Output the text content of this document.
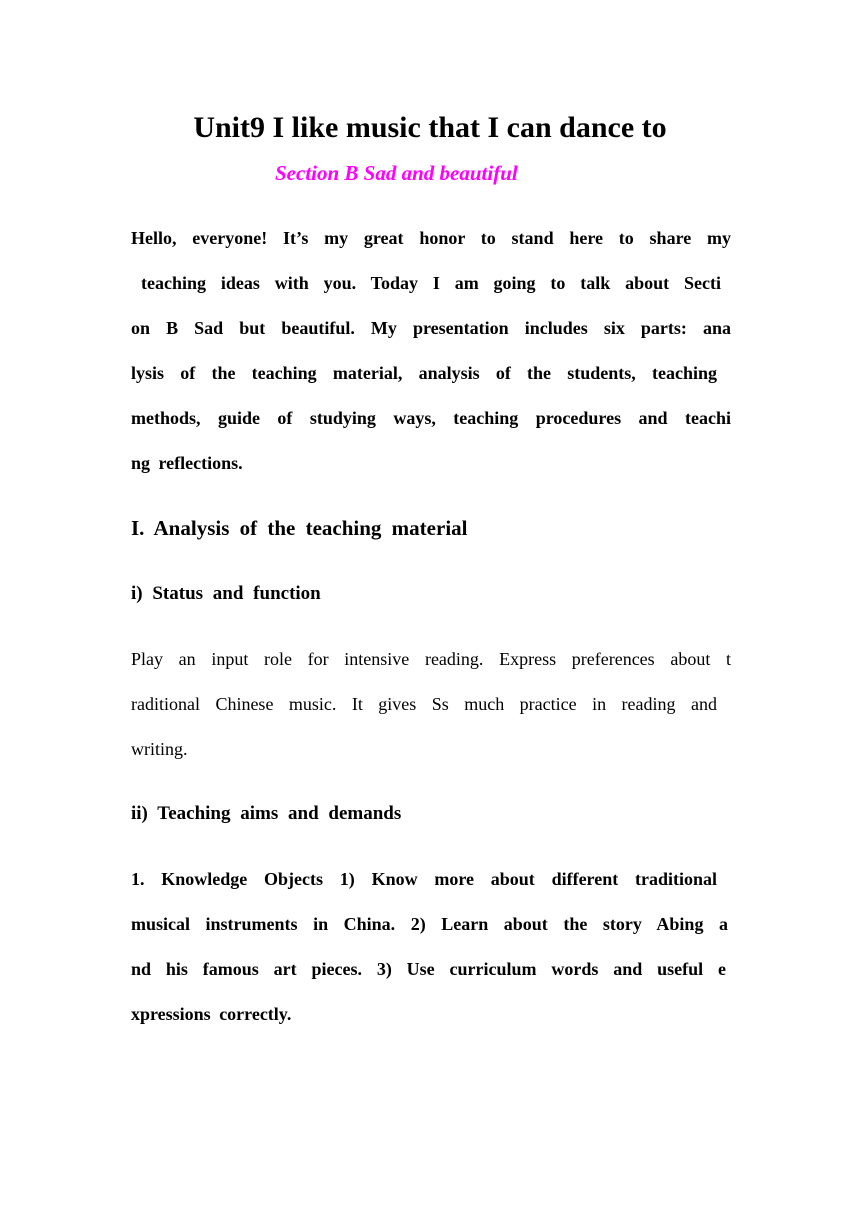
Unit9 I like music that I can dance to

Section B Sad and beautiful

Hello, everyone! It’s my great honor to stand here to share my

teaching ideas with you. Today I am going to talk about Secti

on B Sad but beautiful. My presentation includes six parts: ana

lysis of the teaching material, analysis of the students, teaching

methods, guide of studying ways, teaching procedures and teachi

ng reflections.

I. Analysis of the teaching material
i) Status and function

Play an input role for intensive reading. Express preferences about t

raditional Chinese music. It gives Ss much practice in reading and

writing.

ii) Teaching aims and demands

1. Knowledge Objects 1) Know more about different traditional

musical instruments in China. 2) Learn about the story Abing a

nd his famous art pieces. 3) Use curriculum words and useful e

xpressions correctly.
